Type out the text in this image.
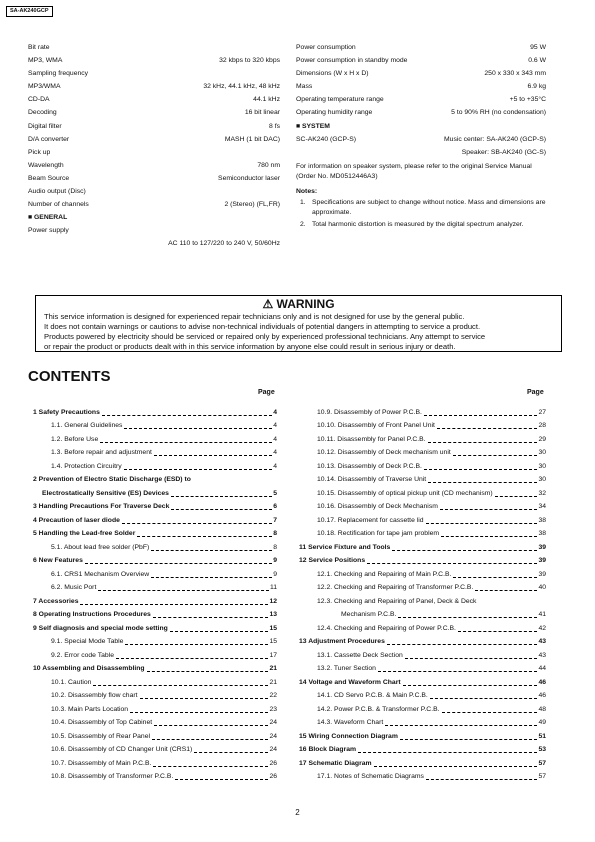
SA-AK240GCP
Bit rate
MP3, WMA	32 kbps to 320 kbps
Sampling frequency
MP3/WMA	32 kHz, 44.1 kHz, 48 kHz
CD-DA	44.1 kHz
Decoding	16 bit linear
Digital filter	8 fs
D/A converter	MASH (1 bit DAC)
Pick up
Wavelength	780 nm
Beam Source	Semiconductor laser
Audio output (Disc)
Number of channels	2 (Stereo) (FL,FR)
■ GENERAL
Power supply
AC 110 to 127/220 to 240 V, 50/60Hz
Power consumption	95 W
Power consumption in standby mode	0.6 W
Dimensions (W x H x D)	250 x 330 x 343 mm
Mass	6.9 kg
Operating temperature range	+5 to +35°C
Operating humidity range	5 to 90% RH (no condensation)
■ SYSTEM
SC-AK240 (GCP-S)	Music center: SA-AK240 (GCP-S)
Speaker: SB-AK240 (GC-S)
For information on speaker system, please refer to the original Service Manual (Order No. MD0512446A3)
Notes:
1. Specifications are subject to change without notice. Mass and dimensions are approximate.
2. Total harmonic distortion is measured by the digital spectrum analyzer.
⚠ WARNING
This service information is designed for experienced repair technicians only and is not designed for use by the general public.
It does not contain warnings or cautions to advise non-technical individuals of potential dangers in attempting to service a product.
Products powered by electricity should be serviced or repaired only by experienced professional technicians. Any attempt to service
or repair the product or products dealt with in this service information by anyone else could result in serious injury or death.
CONTENTS
Page	Page
1 Safety Precautions	4
1.1. General Guidelines	4
1.2. Before Use	4
1.3. Before repair and adjustment	4
1.4. Protection Circuitry	4
2 Prevention of Electro Static Discharge (ESD) to
Electrostatically Sensitive (ES) Devices	5
3 Handling Precautions For Traverse Deck	6
4 Precaution of laser diode	7
5 Handling the Lead-free Solder	8
5.1. About lead free solder (PbF)	8
6 New Features	9
6.1. CRS1 Mechanism Overview	9
6.2. Music Port	11
7 Accessories	12
8 Operating Instructions Procedures	13
9 Self diagnosis and special mode setting	15
9.1. Special Mode Table	15
9.2. Error code Table	17
10 Assembling and Disassembling	21
10.1. Caution	21
10.2. Disassembly flow chart	22
10.3. Main Parts Location	23
10.4. Disassembly of Top Cabinet	24
10.5. Disassembly of Rear Panel	24
10.6. Disassembly of CD Changer Unit (CRS1)	24
10.7. Disassembly of Main P.C.B.	26
10.8. Disassembly of Transformer P.C.B.	26
10.9. Disassembly of Power P.C.B.	27
10.10. Disassembly of Front Panel Unit	28
10.11. Disassembly for Panel P.C.B.	29
10.12. Disassembly of Deck mechanism unit	30
10.13. Disassembly of Deck P.C.B.	30
10.14. Disassembly of Traverse Unit	30
10.15. Disassembly of optical pickup unit (CD mechanism)	32
10.16. Disassembly of Deck Mechanism	34
10.17. Replacement for cassette lid	38
10.18. Rectification for tape jam problem	38
11 Service Fixture and Tools	39
12 Service Positions	39
12.1. Checking and Repairing of Main P.C.B.	39
12.2. Checking and Repairing of Transformer P.C.B.	40
12.3. Checking and Repairing of Panel, Deck & Deck
Mechanism P.C.B.	41
12.4. Checking and Repairing of Power P.C.B.	42
13 Adjustment Procedures	43
13.1. Cassette Deck Section	43
13.2. Tuner Section	44
14 Voltage and Waveform Chart	46
14.1. CD Servo P.C.B. & Main P.C.B.	46
14.2. Power P.C.B. & Transformer P.C.B.	48
14.3. Waveform Chart	49
15 Wiring Connection Diagram	51
16 Block Diagram	53
17 Schematic Diagram	57
17.1. Notes of Schematic Diagrams	57
2
